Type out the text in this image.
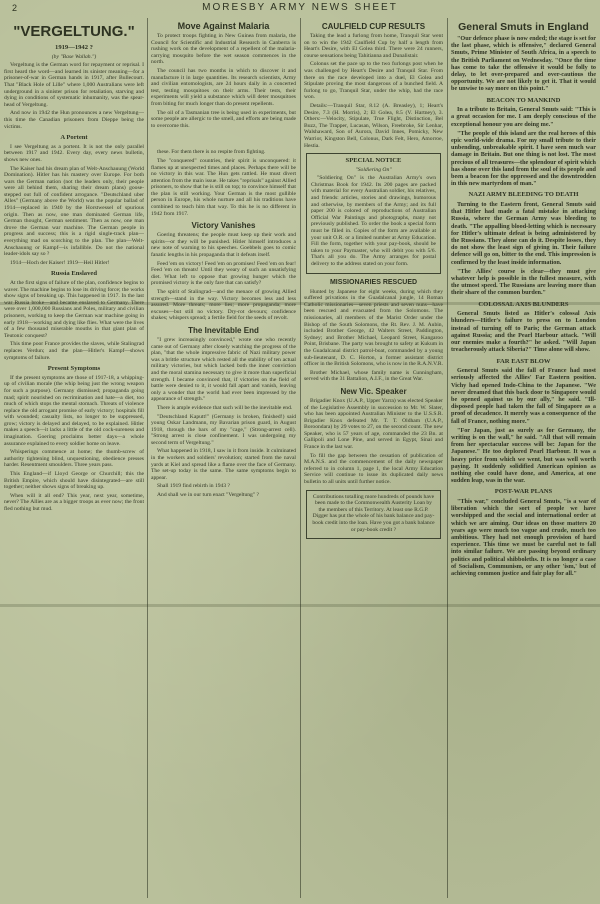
2	MORESBY ARMY NEWS SHEET
"VERGELTUNG."
1919—1942 ?
(by "Base Wallah.")

Vergeltung is the German word for repayment or reprisal. I first heard the word—and learned its sinister meaning—for a prisoner-of-war in German hands in 1917, after Bullecourt. That "Black Hole of Lille" where 1,000 Australians were left underground in a sinister prison for retaliation, starving and dying in conditions of systematic inhumanity, was the spear-head of Vergeltung.

And now in 1942 the Hun pronounces a new Vergeltung—this time the Canadian prisoners from Dieppe being the victims.

A Portent

I see Vergeltung as a portent. It is not the only parallel between 1917 and 1942. Every day, every news bulletin, shows new ones.

The Kaiser had his dream plan of Welt-Anschauung (World Domination). Hitler has his mastery over Europe. For both wars the German nation (not the leaders only, their people were all behind them, sharing their dream plans) goose-stepped out full of confident arrogance. "Deutschland uber Alles" (Germany above the World) was the popular ballad of 1914—replaced in 1940 by the Horstwessel of spurious origin. Then as now, one man dominated German life, German thought, German sentiment. Then as now, one man drove the German war machine. The German people in progress and success; this is a rigid single-track plan—everything mad on scorching to the plan. The plan—Welt-Anschauung or Kampf—is infallible. Do not the national leader-idols say so ?

1914—Hoch der Kaiser! 1919—Heil Hitler!

Russia Enslaved

At the first signs of failure of the plan, confidence begins to waver. The machine begins to lose its driving force; the works show signs of breaking up. This happened in 1917. In the last war Russia broke—and became enslaved to Germany. There were over 1,000,000 Russians and Poles, military and civilian prisoners, working to keep the German war machine going in early 1918—working and dying like flies. What were the lives of a few thousand miserable mouths in that giant plan of Teutonic conquest?

This time poor France provides the slaves, while Stalingrad replaces Verdun; and the plan—Hitler's Kampf—shows symptoms of failure.

Present Symptoms

If the present symptoms are those of 1917-18, a whipping-up of civilian morale (the whip being just the wrong weapon for such a purpose). Germany dismissed; propaganda going mad; spirit nourished on recrimination and hate—a diet, too much of which stops the mental stomach. Threats of violence replace the old arrogant promise of early victory; hospitals fill with wounded; casualty lists, no longer to be suppressed, grow; victory is delayed and delayed, to be explained. Hitler makes a speech—it lacks a little of the old cock-sureness and imagination. Goering proclaims better days—a whole assurance explained to every soldier home on leave.

Whisperings commence at home; the thumb-screw of authority tightening blind, unquestioning, obedience presses harder. Resentment smoulders. Three years pass.

This England—if Lloyd George or Churchill; this the British Empire, which should have disintegrated—are still together; neither shows signs of breaking up.

When will it all end? This year, next year, sometime, never? The Allies are as a bigger troops as ever now; the front fled nothing but mud.

Move Against Malaria

To protect troops fighting in New Guinea from malaria, the Council for Scientific and Industrial Research in Canberra is rushing work on the development of a repellent of the malaria-carrying mosquito before the wet season commences in the north.

The council has two months in which to discover it and manufacture it in large quantities. Its research scientists, Army and civilian entomologists, are 24 hours daily in a concerted test, testing mosquitoes on their arms. Their tests, their experiments will yield a substance which will deter mosquitoes from biting for much longer than do present repellents.

The oil of a Tasmanian tree is being used in experiments, but some people are allergic to the smell, and efforts are being made to overcome this.

these. For them there is no respite from fighting.

The "conquered" countries, their spirit is unconquered: it flames up at unexpected times and places. Perhaps there will be no victory in this war. The Hun gets rattled. He must divert attention from the main issue. He takes "reprisals" against Allied prisoners, to show that he is still on top; to convince himself that the plan is still working. Your German is the most gullible person in Europe, his whole nurture and all his traditions have combined to teach him that way. To this he is no different in 1942 from 1917.

Victory Vanishes

Goering threatens; the people must keep up their work and spirits—or they will be punished. Hitler himself introduces a new note of warning to his speeches. Goebbels goes to comic fanatic lengths in his propaganda that it defeats itself.

Feed 'em on victory! Feed 'em on promises! Feed 'em on fear! Feed 'em on threats! Until they weary of such an unsatisfying diet. What left to oppose that growing hunger which the promised victory is the only fare that can satisfy?

The spirit of Stalingrad—and the menace of growing Allied strength—stand in the way. Victory becomes less and less assured. More threats; more lies; more propaganda; more excuses—but still no victory. Dry-rot devours; confidence shakes; whispers spread; a fertile field for the seeds of revolt.

The Inevitable End

"I grew increasingly convinced," wrote one who recently came out of Germany after closely watching the progress of the plan, "that the whole impressive fabric of Nazi military power was a brittle structure which rested all the stability of ten actual military victories, but which lacked both the inner conviction and the moral stamina necessary to give it more than superficial strength. I became convinced that, if victories on the field of battle were denied to it, it would fall apart and vanish, leaving only a wonder that the world had ever been impressed by the appearance of strength."

There is ample evidence that such will be the inevitable end.

"Deutschland Kaputt!" (Germany is broken, finished!) said young Oskar Landmann, my Bavarian prison guard, in August 1918, through the bars of my "cage," (Strong-arrest cell). "Strong arrest is close confinement. I was undergoing my second term of Vergeltung."

What happened in 1918, I saw in it from inside. It culminated in the workers and soldiers' revolution; started from the naval yards at Kiel and spread like a flame over the face of Germany. The set-up today is the same. The same symptoms begin to appear.

Shall 1919 find rebirth in 1943 ?

And shall we in our turn enact "Vergeltung" ?

CAULFIELD CUP RESULTS

Taking the lead a furlong from home, Tranquil Star went on to win the 1942 Caulfield Cup by half a length from Heart's Desire, with El Golea third. There were 24 runners, course sensations being Tahitianna and Dunalistair.

Colonus set the pace up to the two furlongs post when he was challenged by Heart's Desire and Tranquil Star. From there on the race developed into a duel, El Golea and Stipulate proving the most dangerous of a bunched field. A furlong to go, Tranquil Star, under the whip, had the race won.

Details:—Tranquil Star, 8.12 (A. Breasley), 1; Heart's Desire, 7.3 (H. Morris), 2; El Golea, 8.5 (V. Hartney), 3. Others:—Velocity, Stipulate, True Flight, Distinction, Bel Buzz, The Trapper, Lucasan, Wilson, Freebroke, Sir Lenhar, Walshaward, Son of Aurora, David Innes, Pomicky, New Warrior, Kingston Bell, Colonus, Dark Felt, Hero, Amorroe, Hestia.

SPECIAL NOTICE
"Soldiering On"

"Soldiering On" is the Australian Army's own Christmas Book for 1942. Its 200 pages are packed with material for every Australian soldier, his relatives, and friends: articles, stories and drawings, humorous and otherwise, by members of the Army; and its full paper 200 is colored of reproductions of Australian Official War Paintings and photographs, many not previously published. To order the book a special form must be filled in. Copies of the form are available at your unit O.R. or a limited number at Army Education. Fill the form, together with your pay-book, should be taken to your Paymaster, who will debit you with 5/6. That's all you do. The Army arranges for postal delivery to the address stated on your form.

MISSIONARIES RESCUED

Hunted by Japanese for eight weeks, during which they suffered privations in the Guadalcanal jungle, 14 Roman Catholic missionaries—seven priests and seven nuns—have been rescued and evacuated from the Solomons. The missionaries, all members of the Marist Order under the Bishop of the South Solomons, the Rt. Rev. J. M. Aubin, included Brother George, 42 Walters Street, Paddington, Sydney; and Brother Michael, Leopard Street, Kangaroo Point, Brisbane. The party was brought to safety at Kukum in the Guadalcanal district patrol-boat, commanded by a young sub-lieutenant, D. C. Horton, a former assistant district officer in the British Solomons, who is now in the R.A.N.V.R.

Brother Michael, whose family name is Cunningham, served with the 31 Battalion, A.I.F., in the Great War.

New Vic. Speaker

Brigadier Knox (U.A.P., Upper Yarra) was elected Speaker of the Legislative Assembly in succession to Mr. W. Slater, who has been appointed Australian Minister to the U.S.S.R. Brigadier Knox defeated Mr. T. T. Oldham (U.A.P., Boroondara) by 29 votes to 27, on the second count. The new Speaker, who is 57 years of age, commanded the 23 Bn. at Gallipoli and Lone Pine, and served in Egypt, Sinai and France in the last war.

To fill the gap between the cessation of publication of M.A.N.S. and the commencement of the daily newspaper referred to in column 1, page 1, the local Army Education Service will continue to issue its duplicated daily news bulletin to all units until further notice.

Contributions totalling more hundreds of pounds have been made to the Commonwealth Austerity Loan by the members of this Territory. At least one R.G.P. Digger has put the whole of his bank balance and pay-book credit into the loan. Have you got a bank balance or pay-book credit ?

General Smuts in England

"Our defence phase is now ended; the stage is set for the last phase, which is offensive," declared General Smuts, Prime Minister of South Africa, in a speech to the British Parliament on Wednesday. "Once the time has come to take the offensive it would be folly to delay, to let over-prepared and over-cautious the opportunity. We are not likely to get it. That it would be unwise to say more on this point."

BEACON TO MANKIND

In a tribute to Britain, General Smuts said: "This is a great occasion for me. I am deeply conscious of the exceptional honour you are doing me."

"The people of this island are the real heroes of this epic world-wide drama. For my small tribute to their unbending, unbreakable spirit. I have seen much war damage in Britain. But one thing is not lost. The most precious of all treasures—the splendour of spirit which has shone over this land from the soul of its people and been a beacon for the oppressed and the downtrodden in this new martyrdom of man."

NAZI ARMY BLEEDING TO DEATH

Turning to the Eastern front, General Smuts said that Hitler had made a fatal mistake in attacking Russia, where the German Army was bleeding to death. "The appalling blood-letting which is necessary for Hitler's ultimate defeat is being administered by the Russians. They alone can do it. Despite losses, they do not show the least sign of giving in. Their failure defence will go on, bitter to the end. This impression is confirmed by the least inside information.

"The Allies' course is clear—they must give whatever help is possible in the fullest measure, with the utmost speed. The Russians are leaving more than their share of the common burden."

COLOSSAL AXIS BLUNDERS

General Smuts listed as Hitler's colossal Axis blunders—Hitler's failure to press on to London instead of turning off to Paris; the German attack against Russia; and the Pearl Harbour attack. "Will our enemies make a fourth?" he asked. "Will Japan treacherously attack Siberia?" Time alone will show.

FAR EAST BLOW

General Smuts said the fall of France had most seriously affected the Allies' Far Eastern position. Vichy had opened Indo-China to the Japanese. "We never dreamed that this back door to Singapore would be opened against us by our ally," he said. "Ill-disposed people had taken the fall of Singapore as a proof of decadence. It merely was a consequence of the fall of France, nothing more."

"For Japan, just as surely as for Germany, the writing is on the wall," he said. "All that will remain from her spectacular success will be: Japan for the Japanese." He too deplored Pearl Harbour. It was a heavy price from which we went, but was well worth paying. It suddenly solidified American opinion as nothing else could have done, and America, at one sudden leap, was in the war.

POST-WAR PLANS

"This war," concluded General Smuts, "is a war of liberation which the sort of people we have worshipped and the social and international order at which we are aiming. Our ideas on those matters 20 years ago were much too vague and crude, much too ambitious. They had not enough provision of hard experience. This time we must be careful not to fall into similar failure. We are passing beyond ordinary politics and political shibboleths. It is no longer a case of Socialism, Communism, or any other 'ism,' but of achieving common justice and fair play for all."
